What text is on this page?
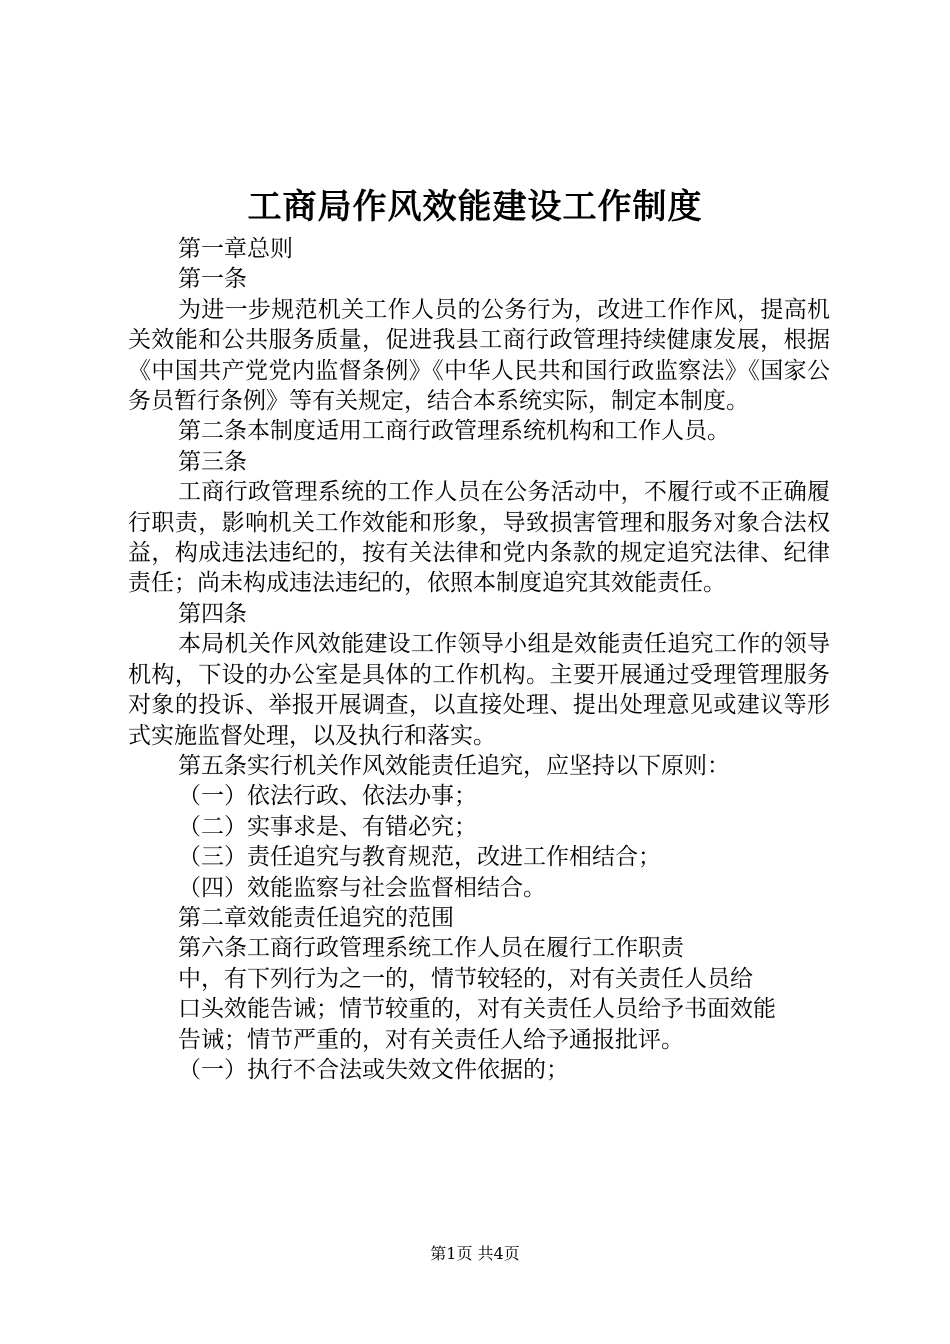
工商局作风效能建设工作制度

第一章总则

第一条

为进一步规范机关工作人员的公务行为，改进工作作风，提高机关效能和公共服务质量，促进我县工商行政管理持续健康发展，根据《中国共产党党内监督条例》《中华人民共和国行政监察法》《国家公务员暂行条例》等有关规定，结合本系统实际，制定本制度。

第二条本制度适用工商行政管理系统机构和工作人员。

第三条

工商行政管理系统的工作人员在公务活动中，不履行或不正确履行职责，影响机关工作效能和形象，导致损害管理和服务对象合法权益，构成违法违纪的，按有关法律和党内条款的规定追究法律、纪律责任；尚未构成违法违纪的，依照本制度追究其效能责任。

第四条

本局机关作风效能建设工作领导小组是效能责任追究工作的领导机构，下设的办公室是具体的工作机构。主要开展通过受理管理服务对象的投诉、举报开展调查，以直接处理、提出处理意见或建议等形式实施监督处理，以及执行和落实。

第五条实行机关作风效能责任追究，应坚持以下原则：

（一）依法行政、依法办事；

（二）实事求是、有错必究；

（三）责任追究与教育规范，改进工作相结合；

（四）效能监察与社会监督相结合。

第二章效能责任追究的范围

第六条工商行政管理系统工作人员在履行工作职责

中，有下列行为之一的，情节较轻的，对有关责任人员给

口头效能告诫；情节较重的，对有关责任人员给予书面效能

告诫；情节严重的，对有关责任人给予通报批评。

（一）执行不合法或失效文件依据的；

第1页 共4页
